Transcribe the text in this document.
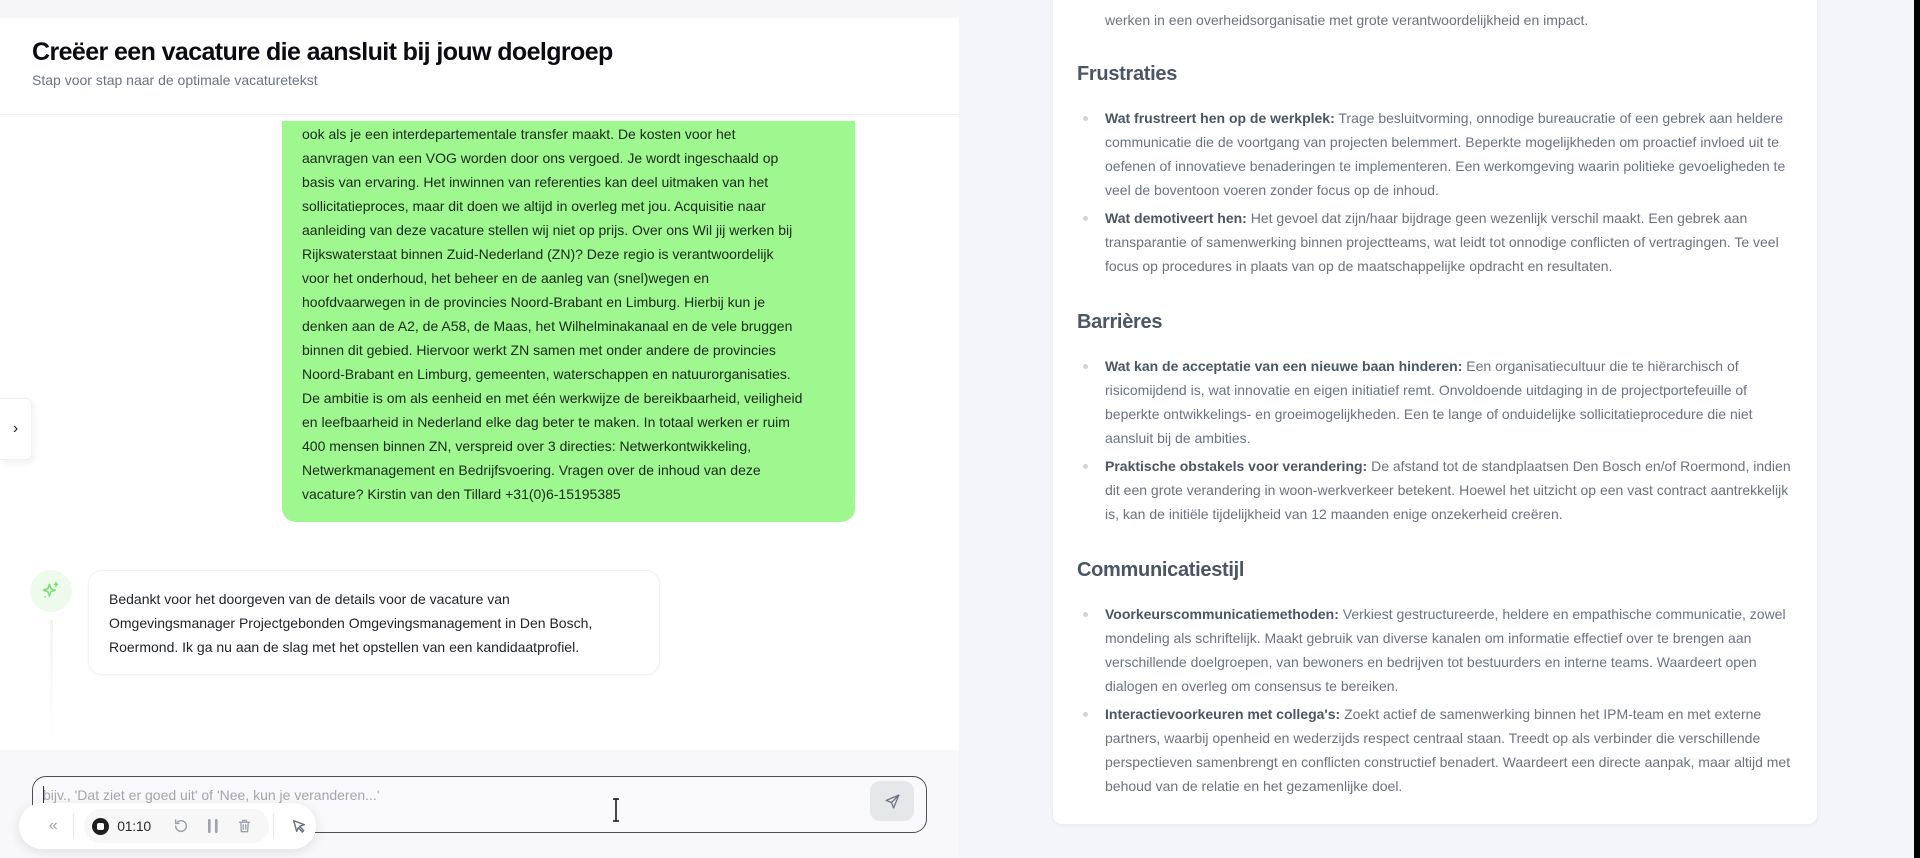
Creëer een vacature die aansluit bij jouw doelgroep
Stap voor stap naar de optimale vacaturetekst
ook als je een interdepartementale transfer maakt. De kosten voor het
aanvragen van een VOG worden door ons vergoed. Je wordt ingeschaald op
basis van ervaring. Het inwinnen van referenties kan deel uitmaken van het
sollicitatieproces, maar dit doen we altijd in overleg met jou. Acquisitie naar
aanleiding van deze vacature stellen wij niet op prijs. Over ons Wil jij werken bij
Rijkswaterstaat binnen Zuid-Nederland (ZN)? Deze regio is verantwoordelijk
voor het onderhoud, het beheer en de aanleg van (snel)wegen en
hoofdvaarwegen in de provincies Noord-Brabant en Limburg. Hierbij kun je
denken aan de A2, de A58, de Maas, het Wilhelminakanaal en de vele bruggen
binnen dit gebied. Hiervoor werkt ZN samen met onder andere de provincies
Noord-Brabant en Limburg, gemeenten, waterschappen en natuurorganisaties.
De ambitie is om als eenheid en met één werkwijze de bereikbaarheid, veiligheid
en leefbaarheid in Nederland elke dag beter te maken. In totaal werken er ruim
400 mensen binnen ZN, verspreid over 3 directies: Netwerkontwikkeling,
Netwerkmanagement en Bedrijfsvoering. Vragen over de inhoud van deze
vacature? Kirstin van den Tillard +31(0)6-15195385
Bedankt voor het doorgeven van de details voor de vacature van
Omgevingsmanager Projectgebonden Omgevingsmanagement in Den Bosch,
Roermond. Ik ga nu aan de slag met het opstellen van een kandidaatprofiel.
›
bijv., 'Dat ziet er goed uit' of 'Nee, kun je veranderen...'
«	01:10

werken in een overheidsorganisatie met grote verantwoordelijkheid en impact.
Frustraties
Wat frustreert hen op de werkplek: Trage besluitvorming, onnodige bureaucratie of een gebrek aan heldere communicatie die de voortgang van projecten belemmert. Beperkte mogelijkheden om proactief invloed uit te oefenen of innovatieve benaderingen te implementeren. Een werkomgeving waarin politieke gevoeligheden te veel de boventoon voeren zonder focus op de inhoud.
Wat demotiveert hen: Het gevoel dat zijn/haar bijdrage geen wezenlijk verschil maakt. Een gebrek aan transparantie of samenwerking binnen projectteams, wat leidt tot onnodige conflicten of vertragingen. Te veel focus op procedures in plaats van op de maatschappelijke opdracht en resultaten.
Barrières
Wat kan de acceptatie van een nieuwe baan hinderen: Een organisatiecultuur die te hiërarchisch of risicomijdend is, wat innovatie en eigen initiatief remt. Onvoldoende uitdaging in de projectportefeuille of beperkte ontwikkelings- en groeimogelijkheden. Een te lange of onduidelijke sollicitatieprocedure die niet aansluit bij de ambities.
Praktische obstakels voor verandering: De afstand tot de standplaatsen Den Bosch en/of Roermond, indien dit een grote verandering in woon-werkverkeer betekent. Hoewel het uitzicht op een vast contract aantrekkelijk is, kan de initiële tijdelijkheid van 12 maanden enige onzekerheid creëren.
Communicatiestijl
Voorkeurscommunicatiemethoden: Verkiest gestructureerde, heldere en empathische communicatie, zowel mondeling als schriftelijk. Maakt gebruik van diverse kanalen om informatie effectief over te brengen aan verschillende doelgroepen, van bewoners en bedrijven tot bestuurders en interne teams. Waardeert open dialogen en overleg om consensus te bereiken.
Interactievoorkeuren met collega's: Zoekt actief de samenwerking binnen het IPM-team en met externe partners, waarbij openheid en wederzijds respect centraal staan. Treedt op als verbinder die verschillende perspectieven samenbrengt en conflicten constructief benadert. Waardeert een directe aanpak, maar altijd met behoud van de relatie en het gezamenlijke doel.
